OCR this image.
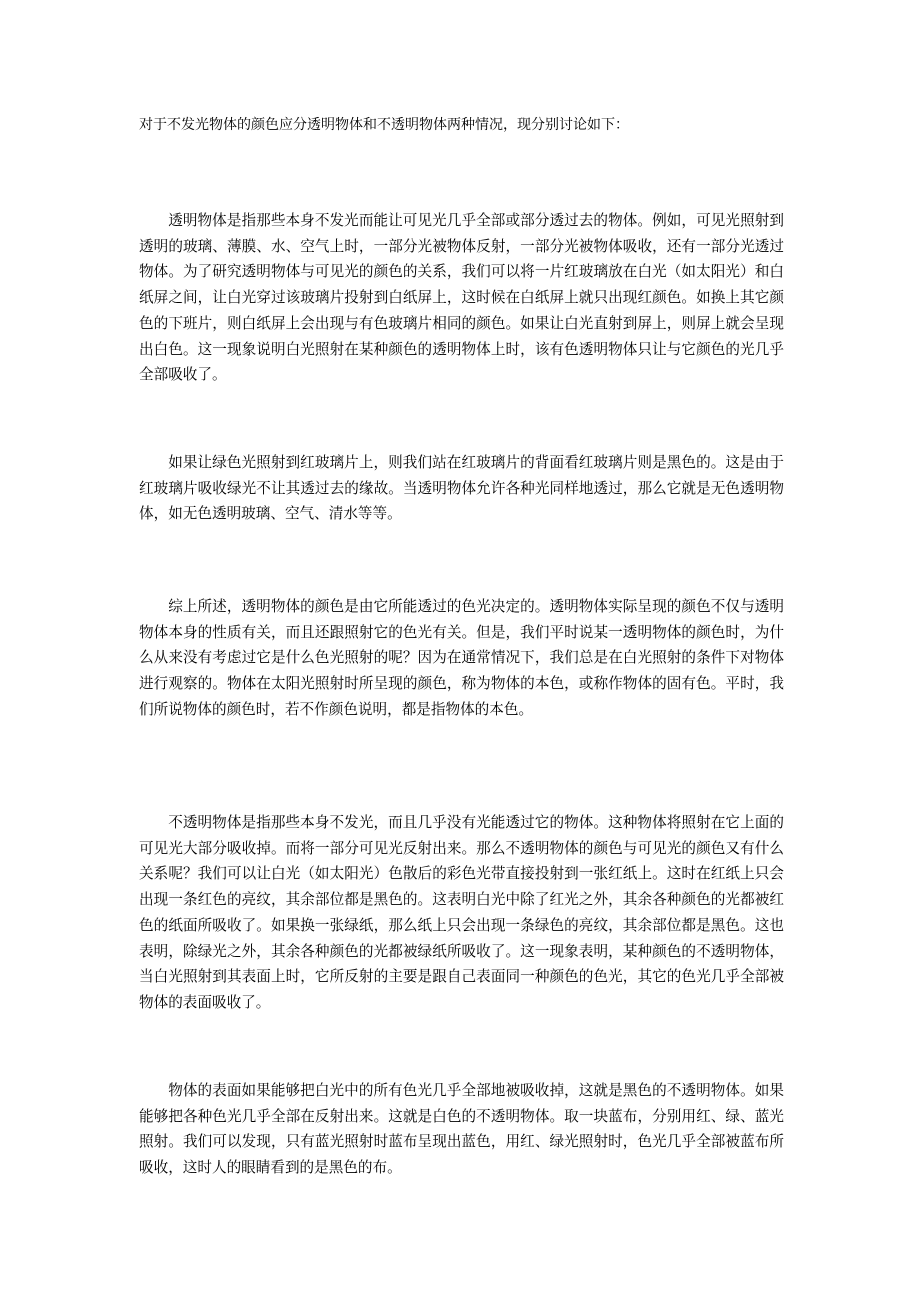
对于不发光物体的颜色应分透明物体和不透明物体两种情况，现分别讨论如下：

透明物体是指那些本身不发光而能让可见光几乎全部或部分透过去的物体。例如，可见光照射到透明的玻璃、薄膜、水、空气上时，一部分光被物体反射，一部分光被物体吸收，还有一部分光透过物体。为了研究透明物体与可见光的颜色的关系，我们可以将一片红玻璃放在白光（如太阳光）和白纸屏之间，让白光穿过该玻璃片投射到白纸屏上，这时候在白纸屏上就只出现红颜色。如换上其它颜色的下班片，则白纸屏上会出现与有色玻璃片相同的颜色。如果让白光直射到屏上，则屏上就会呈现出白色。这一现象说明白光照射在某种颜色的透明物体上时，该有色透明物体只让与它颜色的光几乎全部吸收了。

如果让绿色光照射到红玻璃片上，则我们站在红玻璃片的背面看红玻璃片则是黑色的。这是由于红玻璃片吸收绿光不让其透过去的缘故。当透明物体允许各种光同样地透过，那么它就是无色透明物体，如无色透明玻璃、空气、清水等等。

综上所述，透明物体的颜色是由它所能透过的色光决定的。透明物体实际呈现的颜色不仅与透明物体本身的性质有关，而且还跟照射它的色光有关。但是，我们平时说某一透明物体的颜色时，为什么从来没有考虑过它是什么色光照射的呢？因为在通常情况下，我们总是在白光照射的条件下对物体进行观察的。物体在太阳光照射时所呈现的颜色，称为物体的本色，或称作物体的固有色。平时，我们所说物体的颜色时，若不作颜色说明，都是指物体的本色。

不透明物体是指那些本身不发光，而且几乎没有光能透过它的物体。这种物体将照射在它上面的可见光大部分吸收掉。而将一部分可见光反射出来。那么不透明物体的颜色与可见光的颜色又有什么关系呢？我们可以让白光（如太阳光）色散后的彩色光带直接投射到一张红纸上。这时在红纸上只会出现一条红色的亮纹，其余部位都是黑色的。这表明白光中除了红光之外，其余各种颜色的光都被红色的纸面所吸收了。如果换一张绿纸，那么纸上只会出现一条绿色的亮纹，其余部位都是黑色。这也表明，除绿光之外，其余各种颜色的光都被绿纸所吸收了。这一现象表明，某种颜色的不透明物体，当白光照射到其表面上时，它所反射的主要是跟自己表面同一种颜色的色光，其它的色光几乎全部被物体的表面吸收了。

物体的表面如果能够把白光中的所有色光几乎全部地被吸收掉，这就是黑色的不透明物体。如果能够把各种色光几乎全部在反射出来。这就是白色的不透明物体。取一块蓝布，分别用红、绿、蓝光照射。我们可以发现，只有蓝光照射时蓝布呈现出蓝色，用红、绿光照射时，色光几乎全部被蓝布所吸收，这时人的眼睛看到的是黑色的布。
